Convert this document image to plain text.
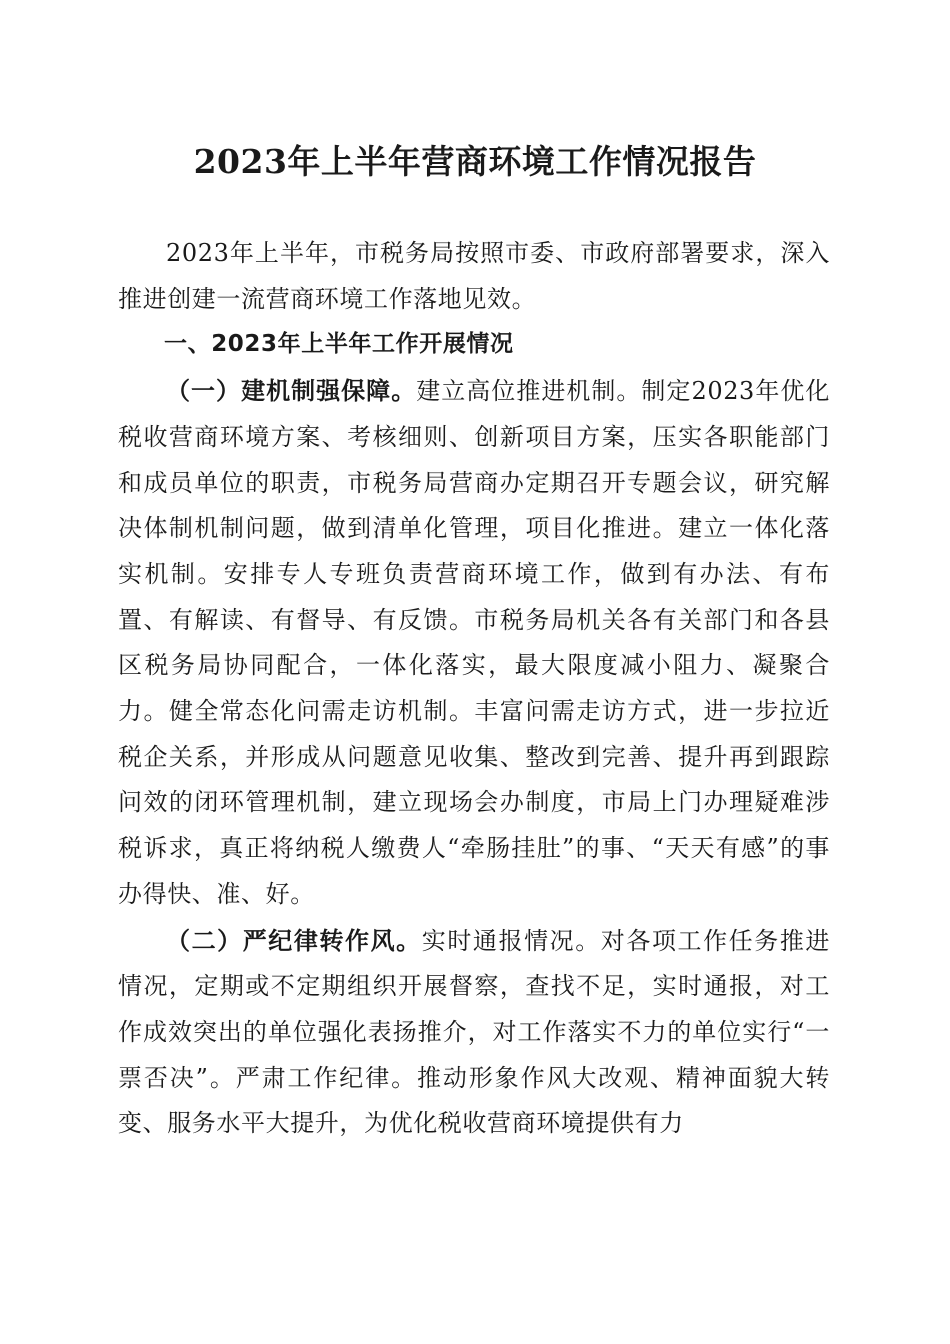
2023年上半年营商环境工作情况报告

2023年上半年，市税务局按照市委、市政府部署要求，深入推进创建一流营商环境工作落地见效。

一、2023年上半年工作开展情况

（一）建机制强保障。建立高位推进机制。制定2023年优化税收营商环境方案、考核细则、创新项目方案，压实各职能部门和成员单位的职责，市税务局营商办定期召开专题会议，研究解决体制机制问题，做到清单化管理，项目化推进。建立一体化落实机制。安排专人专班负责营商环境工作，做到有办法、有布置、有解读、有督导、有反馈。市税务局机关各有关部门和各县区税务局协同配合，一体化落实，最大限度减小阻力、凝聚合力。健全常态化问需走访机制。丰富问需走访方式，进一步拉近税企关系，并形成从问题意见收集、整改到完善、提升再到跟踪问效的闭环管理机制，建立现场会办制度，市局上门办理疑难涉税诉求，真正将纳税人缴费人“牵肠挂肚”的事、“天天有感”的事办得快、准、好。

（二）严纪律转作风。实时通报情况。对各项工作任务推进情况，定期或不定期组织开展督察，查找不足，实时通报，对工作成效突出的单位强化表扬推介，对工作落实不力的单位实行“一票否决”。严肃工作纪律。推动形象作风大改观、精神面貌大转变、服务水平大提升，为优化税收营商环境提供有力
